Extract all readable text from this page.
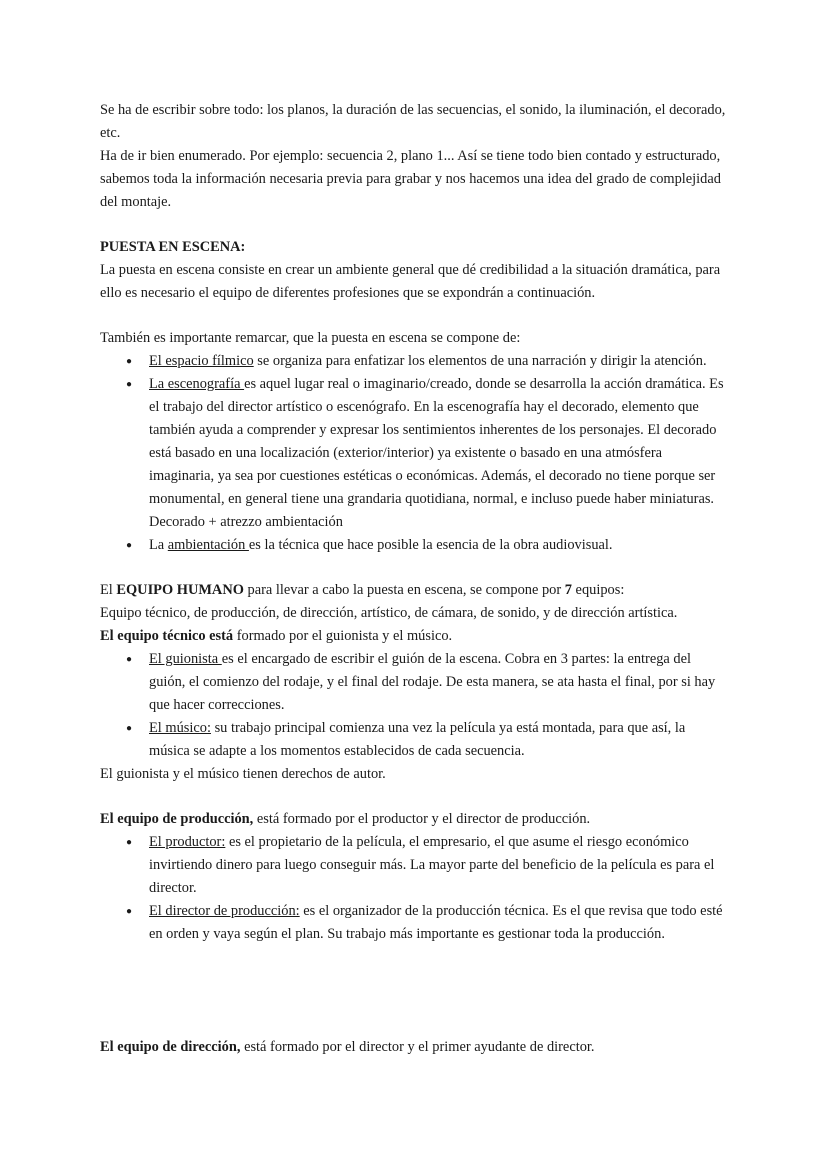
Se ha de escribir sobre todo: los planos, la duración de las secuencias, el sonido, la iluminación, el decorado, etc.

Ha de ir bien enumerado. Por ejemplo: secuencia 2, plano 1... Así se tiene todo bien contado y estructurado, sabemos toda la información necesaria previa para grabar y nos hacemos una idea del grado de complejidad del montaje.

PUESTA EN ESCENA:

La puesta en escena consiste en crear un ambiente general que dé credibilidad a la situación dramática, para ello es necesario el equipo de diferentes profesiones que se expondrán a continuación.

También es importante remarcar, que la puesta en escena se compone de:

● El espacio fílmico se organiza para enfatizar los elementos de una narración y dirigir la atención.
● La escenografía es aquel lugar real o imaginario/creado, donde se desarrolla la acción dramática. Es el trabajo del director artístico o escenógrafo. En la escenografía hay el decorado, elemento que también ayuda a comprender y expresar los sentimientos inherentes de los personajes. El decorado está basado en una localización (exterior/interior) ya existente o basado en una atmósfera imaginaria, ya sea por cuestiones estéticas o económicas. Además, el decorado no tiene porque ser monumental, en general tiene una grandaria quotidiana, normal, e incluso puede haber miniaturas.
Decorado + atrezzo ambientación
● La ambientación es la técnica que hace posible la esencia de la obra audiovisual.

El EQUIPO HUMANO para llevar a cabo la puesta en escena, se compone por 7 equipos:

Equipo técnico, de producción, de dirección, artístico, de cámara, de sonido, y de dirección artística.

El equipo técnico está formado por el guionista y el músico.

● El guionista es el encargado de escribir el guión de la escena. Cobra en 3 partes: la entrega del guión, el comienzo del rodaje, y el final del rodaje. De esta manera, se ata hasta el final, por si hay que hacer correcciones.
● El músico: su trabajo principal comienza una vez la película ya está montada, para que así, la música se adapte a los momentos establecidos de cada secuencia.

El guionista y el músico tienen derechos de autor.

El equipo de producción, está formado por el productor y el director de producción.

● El productor: es el propietario de la película, el empresario, el que asume el riesgo económico invirtiendo dinero para luego conseguir más. La mayor parte del beneficio de la película es para el director.
● El director de producción: es el organizador de la producción técnica. Es el que revisa que todo esté en orden y vaya según el plan. Su trabajo más importante es gestionar toda la producción.

El equipo de dirección, está formado por el director y el primer ayudante de director.
